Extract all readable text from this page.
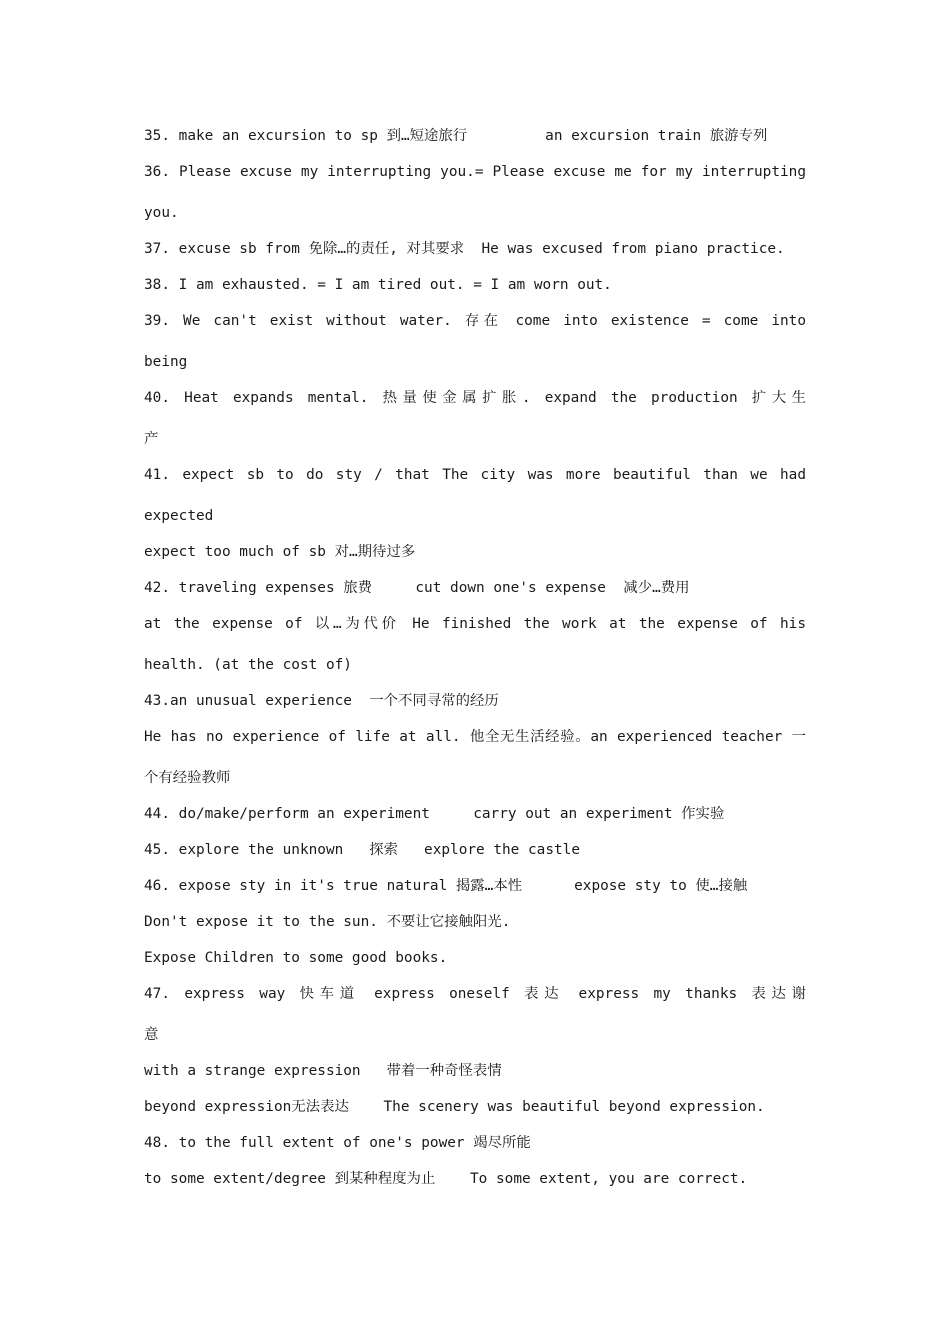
35. make an excursion to sp 到…短途旅行         an excursion train 旅游专列
36. Please excuse my interrupting you.= Please excuse me for my interrupting
you.
37. excuse sb from 免除…的责任, 对其要求  He was excused from piano practice.
38. I am exhausted. = I am tired out. = I am worn out.
39. We can't exist without water. 存在 come into existence = come into
being
40. Heat expands mental. 热量使金属扩胀. expand the production 扩大生
产
41. expect sb to do sty / that The city was more beautiful than we had
expected
expect too much of sb 对…期待过多
42. traveling expenses 旅费     cut down one's expense  减少…费用
at the expense of 以…为代价 He finished the work at the expense of his
health. (at the cost of)
43.an unusual experience  一个不同寻常的经历
He has no experience of life at all. 他全无生活经验。an experienced teacher 一
个有经验教师
44. do/make/perform an experiment     carry out an experiment 作实验
45. explore the unknown   探索   explore the castle
46. expose sty in it's true natural 揭露…本性      expose sty to 使…接触
Don't expose it to the sun. 不要让它接触阳光.
Expose Children to some good books.
47. express way 快车道 express oneself 表达 express my thanks 表达谢
意
with a strange expression   带着一种奇怪表情
beyond expression无法表达    The scenery was beautiful beyond expression.
48. to the full extent of one's power 竭尽所能
to some extent/degree 到某种程度为止    To some extent, you are correct.
